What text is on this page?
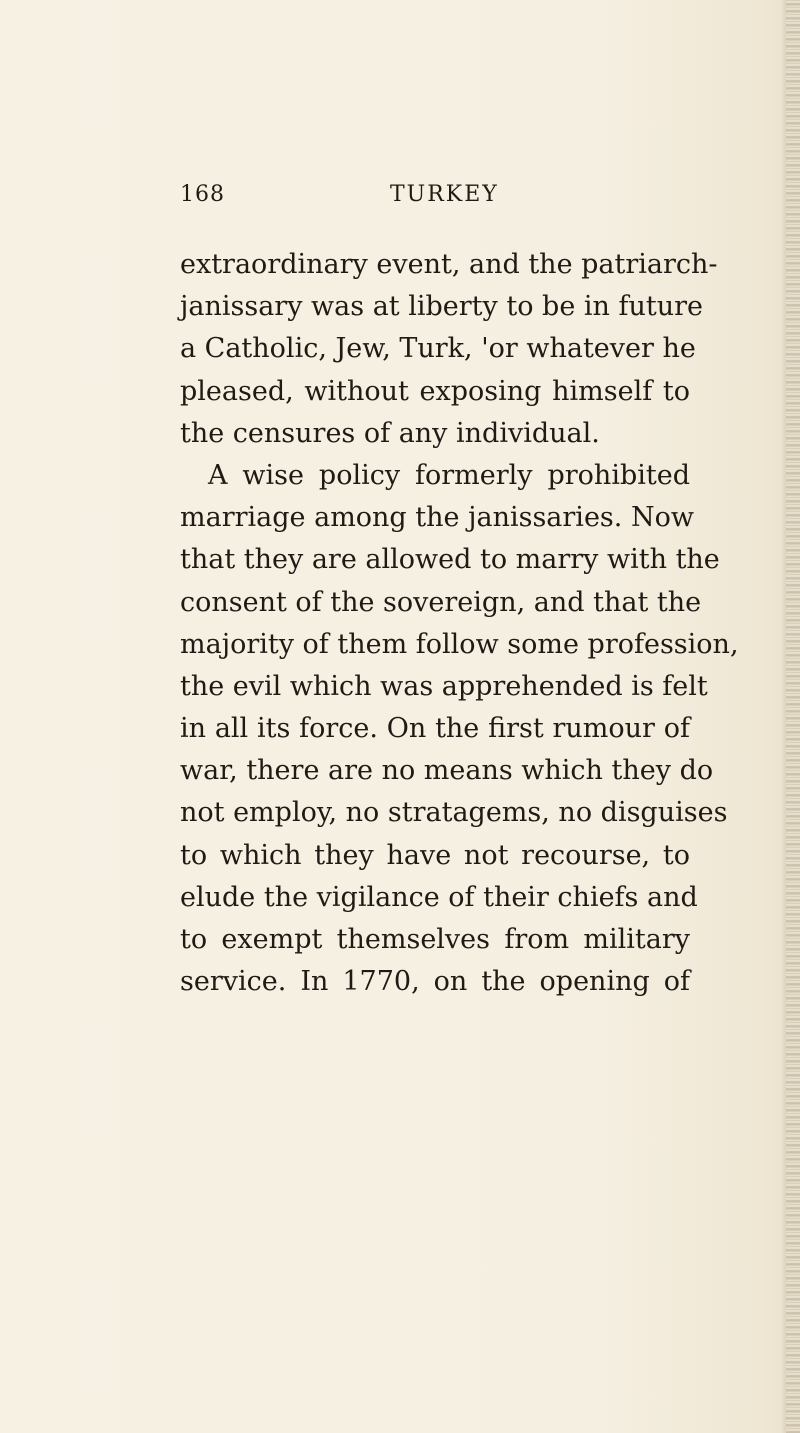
168	TURKEY
extraordinary event, and the patriarch-
janissary was at liberty to be in future
a Catholic, Jew, Turk, 'or whatever he
pleased, without exposing himself to
the censures of any individual.
A wise policy formerly prohibited
marriage among the janissaries. Now
that they are allowed to marry with the
consent of the sovereign, and that the
majority of them follow some profession,
the evil which was apprehended is felt
in all its force. On the first rumour of
war, there are no means which they do
not employ, no stratagems, no disguises
to which they have not recourse, to
elude the vigilance of their chiefs and
to exempt themselves from military
service. In 1770, on the opening of
